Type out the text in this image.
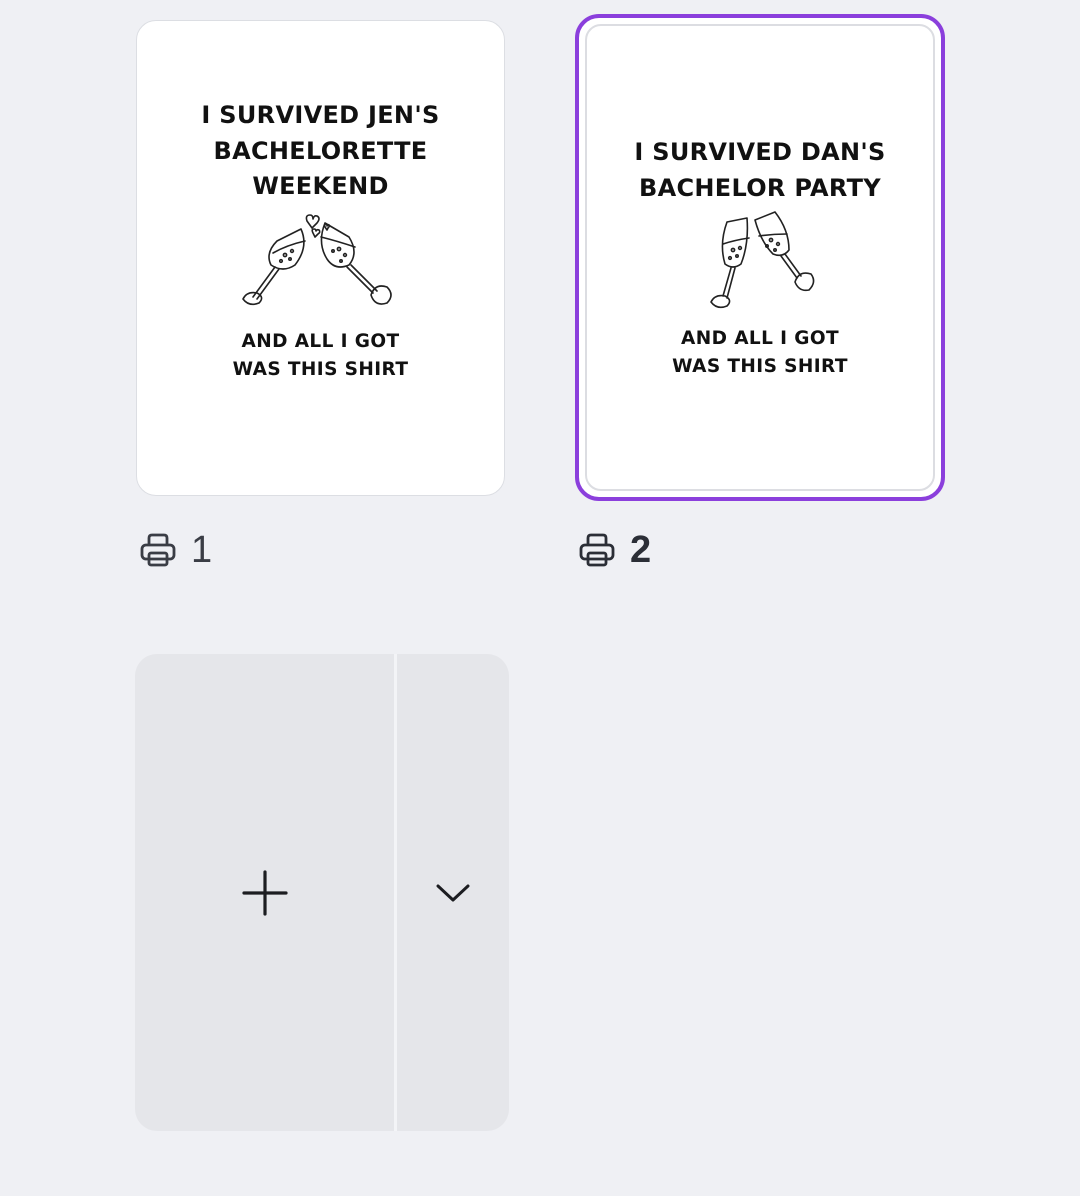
I SURVIVED JEN'S
BACHELORETTE
WEEKEND
AND ALL I GOT
WAS THIS SHIRT
I SURVIVED DAN'S
BACHELOR PARTY
AND ALL I GOT
WAS THIS SHIRT
1	2
